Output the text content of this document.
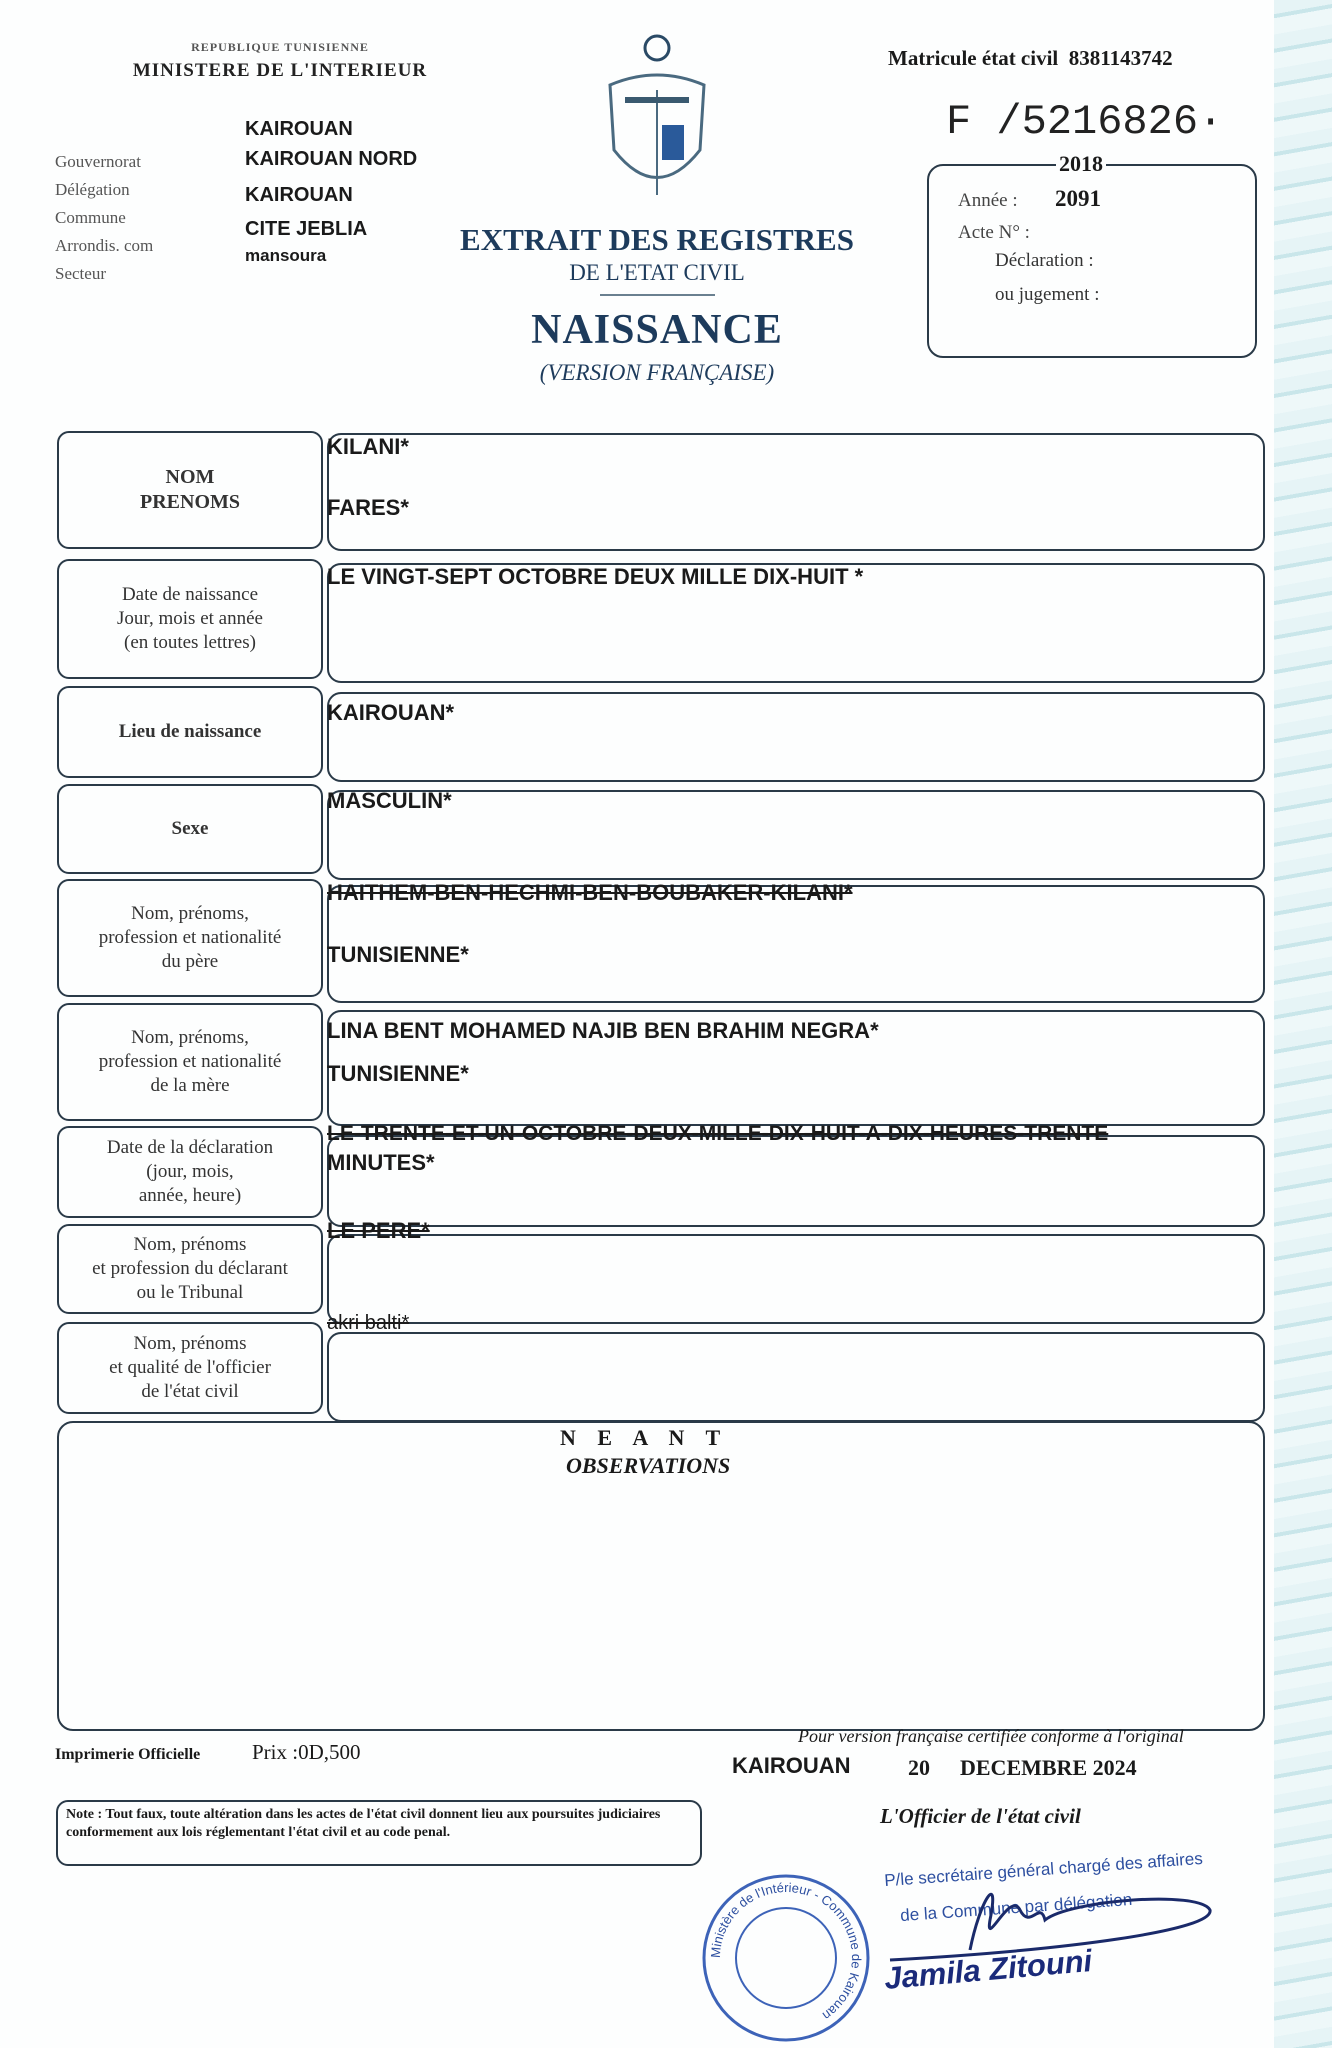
REPUBLIQUE TUNISIENNE
MINISTERE DE L'INTERIEUR
Gouvernorat
Délégation
Commune
Arrondis. com
Secteur
KAIROUAN
KAIROUAN NORD
KAIROUAN
CITE JEBLIA
mansoura	EXTRAIT DES REGISTRES
DE L'ETAT CIVIL
NAISSANCE
(VERSION FRANÇAISE)
Matricule état civil 8381143742
F /5216826·
2018
Année : 2091
Acte N° :
Déclaration :
ou jugement :
NOM
PRENOMS
KILANI*
FARES*
Date de naissance
Jour, mois et année
(en toutes lettres)
LE VINGT-SEPT OCTOBRE DEUX MILLE DIX-HUIT *
Lieu de naissance
KAIROUAN*
Sexe
MASCULIN*
Nom, prénoms,
profession et nationalité
du père
HAITHEM-BEN-HECHMI-BEN-BOUBAKER-KILANI*
TUNISIENNE*
Nom, prénoms,
profession et nationalité
de la mère
LINA BENT MOHAMED NAJIB BEN BRAHIM NEGRA*
TUNISIENNE*
Date de la déclaration
(jour, mois,
année, heure)
LE-TRENTE-ET-UN-OCTOBRE-DEUX-MILLE-DIX-HUIT-A-DIX-HEURES-TRENTE
MINUTES*
Nom, prénoms
et profession du déclarant
ou le Tribunal
LE PERE*
Nom, prénoms
et qualité de l'officier
de l'état civil
akri balti*
N E A N T
OBSERVATIONS
Imprimerie Officielle Prix :0D,500
Pour version française certifiée conforme à l'original
KAIROUAN	20 DECEMBRE 2024
Note : Tout faux, toute altération dans les actes de l'état civil donnent lieu aux poursuites judiciaires conformement aux lois réglementant l'état civil et au code penal.
L'Officier de l'état civil
Ministère de l'Intérieur - Commune de Kairouan
P/le secrétaire général chargé des affaires
de la Commune par délégation
Jamila Zitouni
